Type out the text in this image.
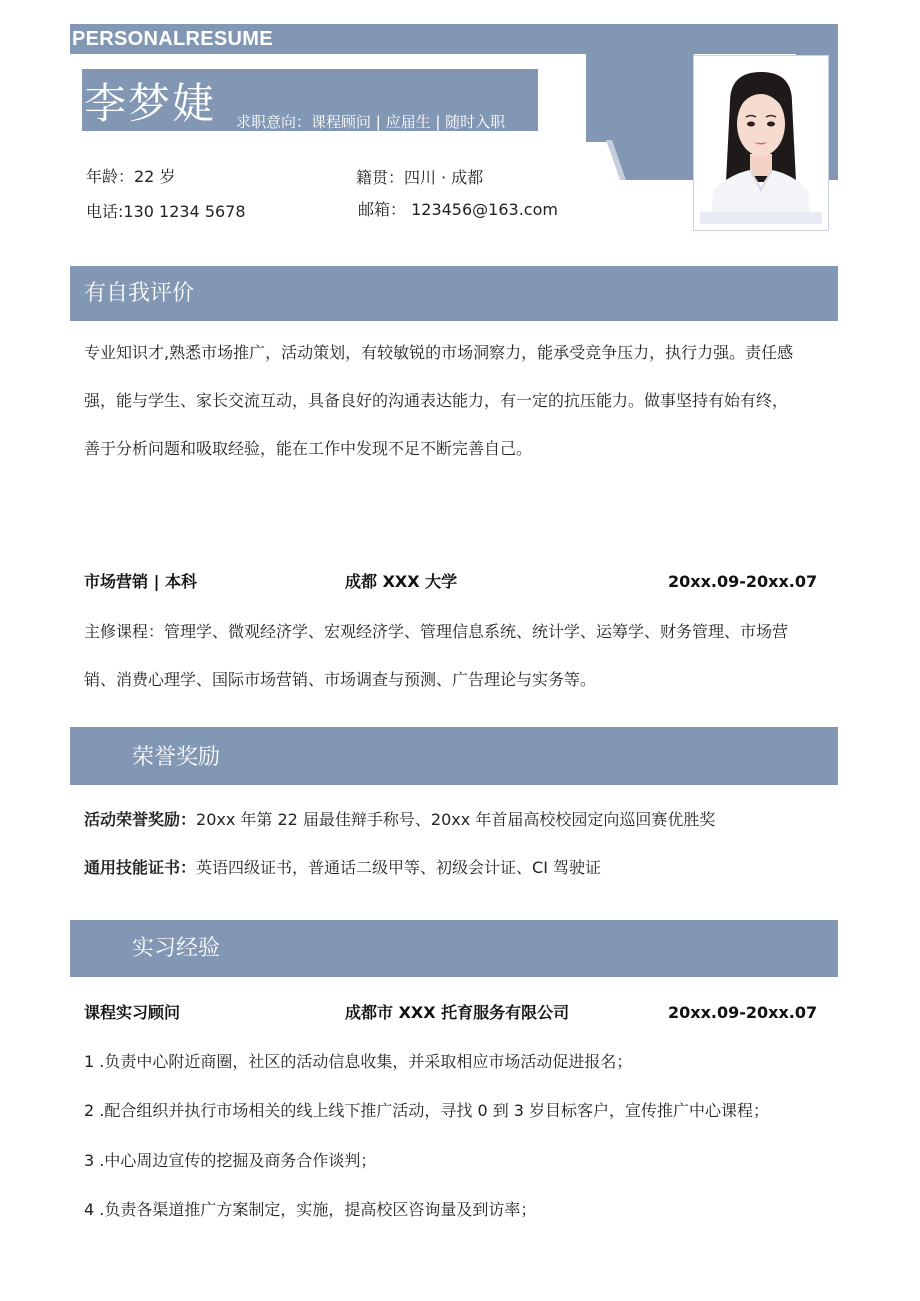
PERSONALRESUME
李梦婕 求职意向：课程顾问 | 应届生 | 随时入职
年龄：22 岁	籍贯：四川 · 成都
电话:130 1234 5678	邮箱： 123456@163.com
有自我评价
专业知识才,熟悉市场推广，活动策划，有较敏锐的市场洞察力，能承受竞争压力，执行力强。责任感
强，能与学生、家长交流互动，具备良好的沟通表达能力，有一定的抗压能力。做事坚持有始有终，
善于分析问题和吸取经验，能在工作中发现不足不断完善自己。
市场营销 | 本科	成都 XXX 大学	20xx.09-20xx.07
主修课程：管理学、微观经济学、宏观经济学、管理信息系统、统计学、运筹学、财务管理、市场营
销、消费心理学、国际市场营销、市场调查与预测、广告理论与实务等。
荣誉奖励
活动荣誉奖励：20xx 年第 22 届最佳辩手称号、20xx 年首届高校校园定向巡回赛优胜奖
通用技能证书：英语四级证书，普通话二级甲等、初级会计证、CI 驾驶证
实习经验
课程实习顾问	成都市 XXX 托育服务有限公司	20xx.09-20xx.07
1 .负责中心附近商圈，社区的活动信息收集，并采取相应市场活动促进报名；
2 .配合组织并执行市场相关的线上线下推广活动，寻找 0 到 3 岁目标客户，宣传推广中心课程；
3 .中心周边宣传的挖掘及商务合作谈判；
4 .负责各渠道推广方案制定，实施，提高校区咨询量及到访率；
